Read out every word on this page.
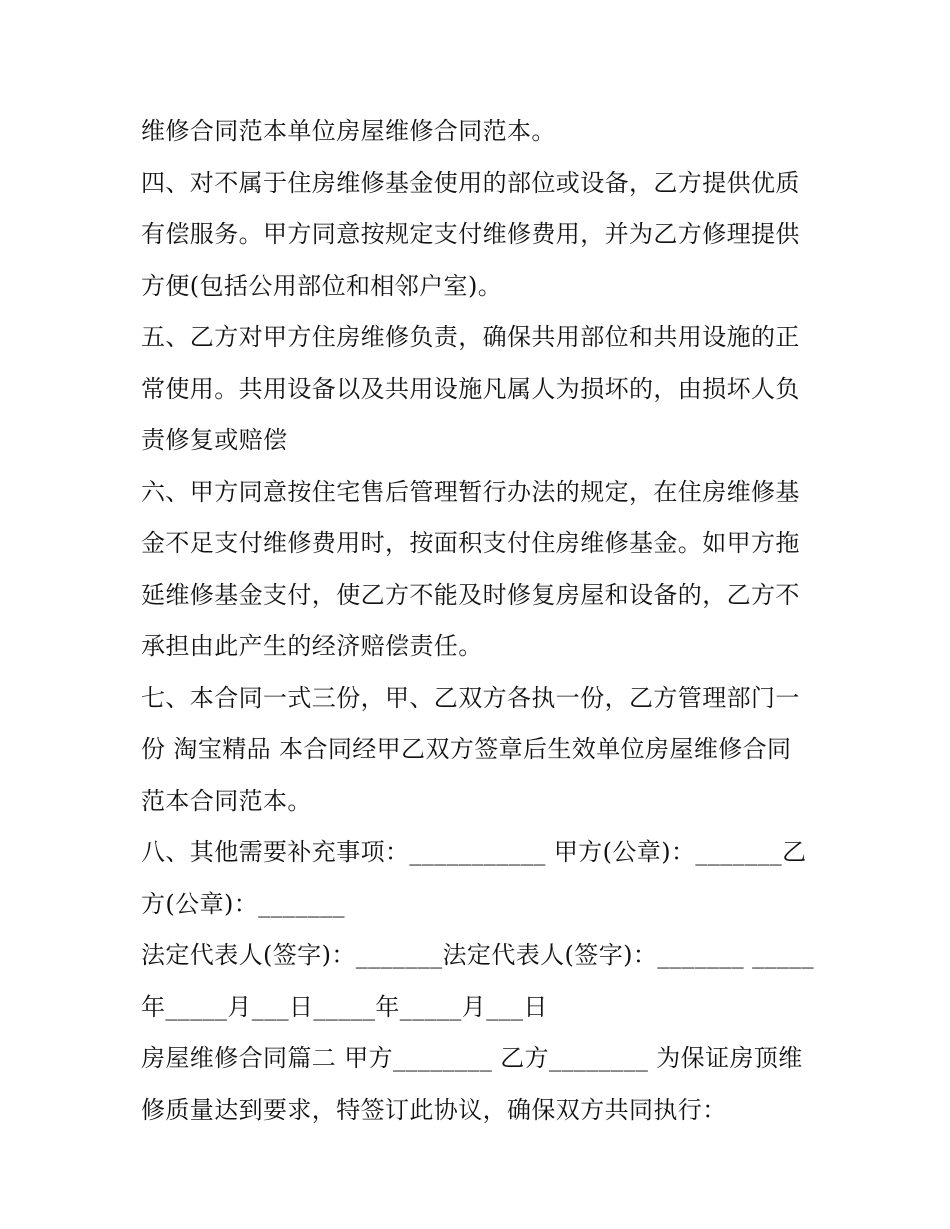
维修合同范本单位房屋维修合同范本。
四、对不属于住房维修基金使用的部位或设备，乙方提供优质
有偿服务。甲方同意按规定支付维修费用，并为乙方修理提供
方便(包括公用部位和相邻户室)。
五、乙方对甲方住房维修负责，确保共用部位和共用设施的正
常使用。共用设备以及共用设施凡属人为损坏的，由损坏人负
责修复或赔偿
六、甲方同意按住宅售后管理暂行办法的规定，在住房维修基
金不足支付维修费用时，按面积支付住房维修基金。如甲方拖
延维修基金支付，使乙方不能及时修复房屋和设备的，乙方不
承担由此产生的经济赔偿责任。
七、本合同一式三份，甲、乙双方各执一份，乙方管理部门一
份 淘宝精品 本合同经甲乙双方签章后生效单位房屋维修合同
范本合同范本。
八、其他需要补充事项：___________ 甲方(公章)：_______乙
方(公章)：_______
法定代表人(签字)：_______法定代表人(签字)：_______ _____
年_____月___日_____年_____月___日
房屋维修合同篇二 甲方________ 乙方________ 为保证房顶维
修质量达到要求，特签订此协议，确保双方共同执行：
